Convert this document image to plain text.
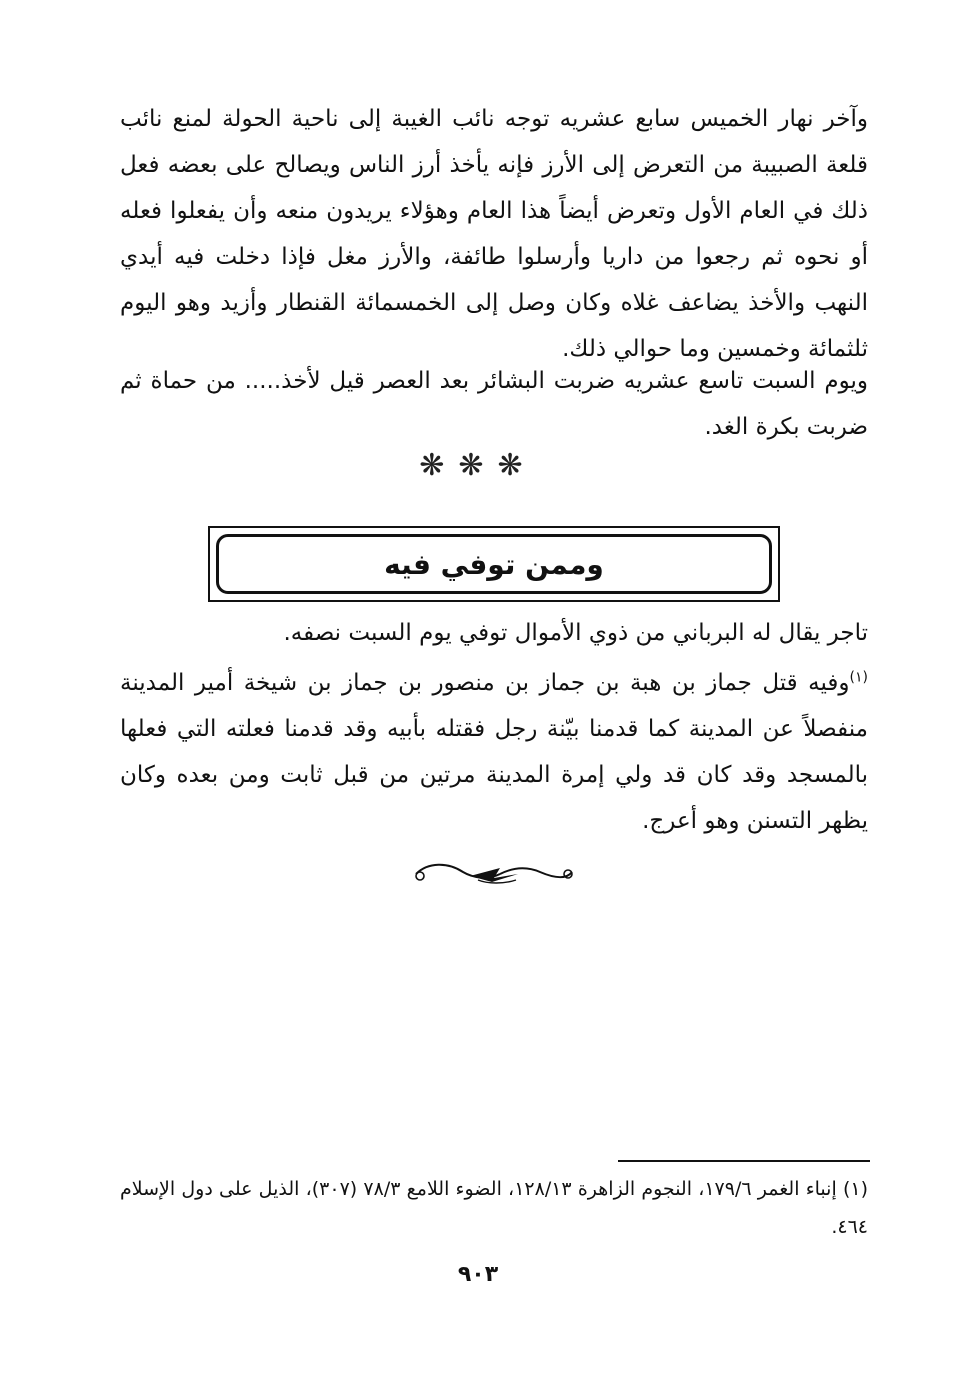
وآخر نهار الخميس سابع عشريه توجه نائب الغيبة إلى ناحية الحولة لمنع نائب قلعة الصبيبة من التعرض إلى الأرز فإنه يأخذ أرز الناس ويصالح على بعضه فعل ذلك في العام الأول وتعرض أيضاً هذا العام وهؤلاء يريدون منعه وأن يفعلوا فعله أو نحوه ثم رجعوا من داريا وأرسلوا طائفة، والأرز مغل فإذا دخلت فيه أيدي النهب والأخذ يضاعف غلاه وكان وصل إلى الخمسمائة القنطار وأزيد وهو اليوم ثلثمائة وخمسين وما حوالي ذلك.

ويوم السبت تاسع عشريه ضربت البشائر بعد العصر قيل لأخذ..... من حماة ثم ضربت بكرة الغد.

❋❋❋
وممن توفي فيه

تاجر يقال له البرباني من ذوي الأموال توفي يوم السبت نصفه.

$^{(١)}$وفيه قتل جماز بن هبة بن جماز بن منصور بن جماز بن شيخة أمير المدينة منفصلاً عن المدينة كما قدمنا بيّنة رجل فقتله بأبيه وقد قدمنا فعلته التي فعلها بالمسجد وقد كان قد ولي إمرة المدينة مرتين من قبل ثابت ومن بعده وكان يظهر التسنن وهو أعرج.

(١) إنباء الغمر ١٧٩/٦، النجوم الزاهرة ١٢٨/١٣، الضوء اللامع ٧٨/٣ (٣٠٧)، الذيل على دول الإسلام ٤٦٤.

٩٠٣
